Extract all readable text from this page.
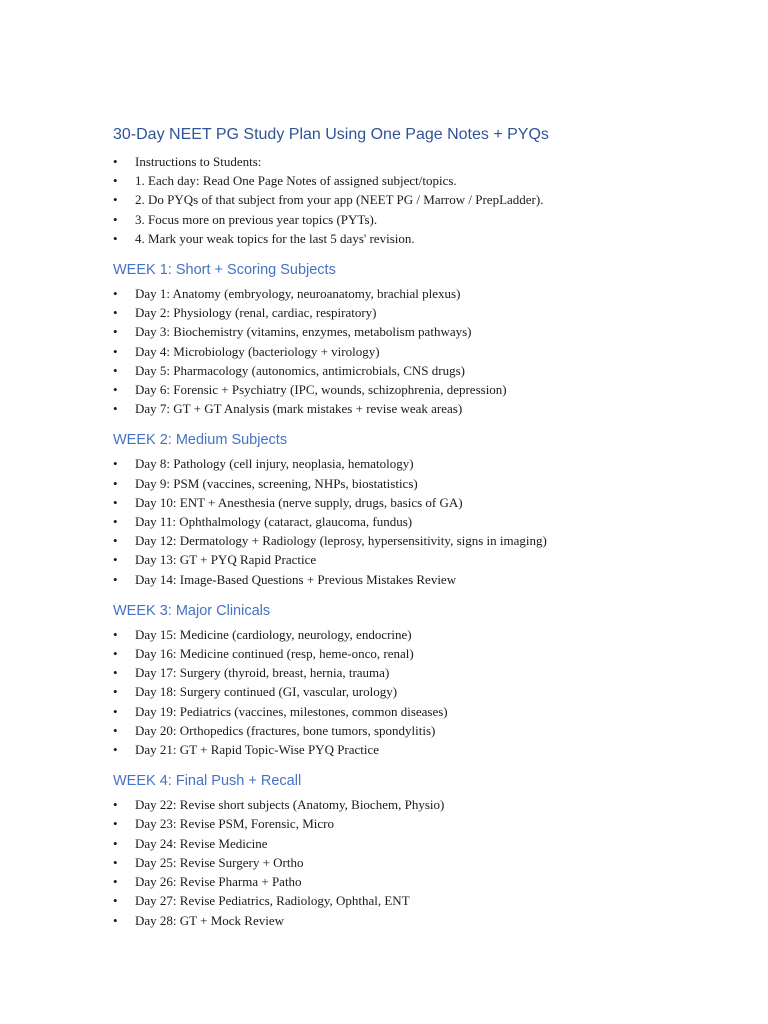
30-Day NEET PG Study Plan Using One Page Notes + PYQs
• Instructions to Students:
• 1. Each day: Read One Page Notes of assigned subject/topics.
• 2. Do PYQs of that subject from your app (NEET PG / Marrow / PrepLadder).
• 3. Focus more on previous year topics (PYTs).
• 4. Mark your weak topics for the last 5 days' revision.
WEEK 1: Short + Scoring Subjects
• Day 1: Anatomy (embryology, neuroanatomy, brachial plexus)
• Day 2: Physiology (renal, cardiac, respiratory)
• Day 3: Biochemistry (vitamins, enzymes, metabolism pathways)
• Day 4: Microbiology (bacteriology + virology)
• Day 5: Pharmacology (autonomics, antimicrobials, CNS drugs)
• Day 6: Forensic + Psychiatry (IPC, wounds, schizophrenia, depression)
• Day 7: GT + GT Analysis (mark mistakes + revise weak areas)
WEEK 2: Medium Subjects
• Day 8: Pathology (cell injury, neoplasia, hematology)
• Day 9: PSM (vaccines, screening, NHPs, biostatistics)
• Day 10: ENT + Anesthesia (nerve supply, drugs, basics of GA)
• Day 11: Ophthalmology (cataract, glaucoma, fundus)
• Day 12: Dermatology + Radiology (leprosy, hypersensitivity, signs in imaging)
• Day 13: GT + PYQ Rapid Practice
• Day 14: Image-Based Questions + Previous Mistakes Review
WEEK 3: Major Clinicals
• Day 15: Medicine (cardiology, neurology, endocrine)
• Day 16: Medicine continued (resp, heme-onco, renal)
• Day 17: Surgery (thyroid, breast, hernia, trauma)
• Day 18: Surgery continued (GI, vascular, urology)
• Day 19: Pediatrics (vaccines, milestones, common diseases)
• Day 20: Orthopedics (fractures, bone tumors, spondylitis)
• Day 21: GT + Rapid Topic-Wise PYQ Practice
WEEK 4: Final Push + Recall
• Day 22: Revise short subjects (Anatomy, Biochem, Physio)
• Day 23: Revise PSM, Forensic, Micro
• Day 24: Revise Medicine
• Day 25: Revise Surgery + Ortho
• Day 26: Revise Pharma + Patho
• Day 27: Revise Pediatrics, Radiology, Ophthal, ENT
• Day 28: GT + Mock Review
